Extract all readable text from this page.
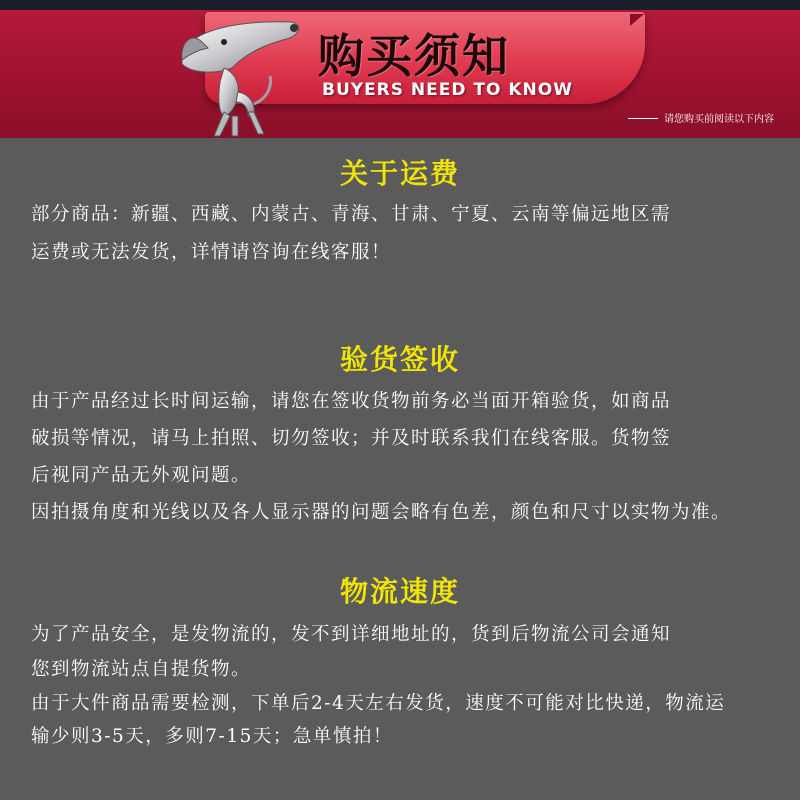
购买须知
BUYERS NEED TO KNOW
请您购买前阅读以下内容
关于运费
部分商品：新疆、西藏、内蒙古、青海、甘肃、宁夏、云南等偏远地区需
运费或无法发货，详情请咨询在线客服！
验货签收
由于产品经过长时间运输，请您在签收货物前务必当面开箱验货，如商品
破损等情况，请马上拍照、切勿签收；并及时联系我们在线客服。货物签
后视同产品无外观问题。
因拍摄角度和光线以及各人显示器的问题会略有色差，颜色和尺寸以实物为准。
物流速度
为了产品安全，是发物流的，发不到详细地址的，货到后物流公司会通知
您到物流站点自提货物。
由于大件商品需要检测，下单后2-4天左右发货，速度不可能对比快递，物流运
输少则3-5天，多则7-15天；急单慎拍！
